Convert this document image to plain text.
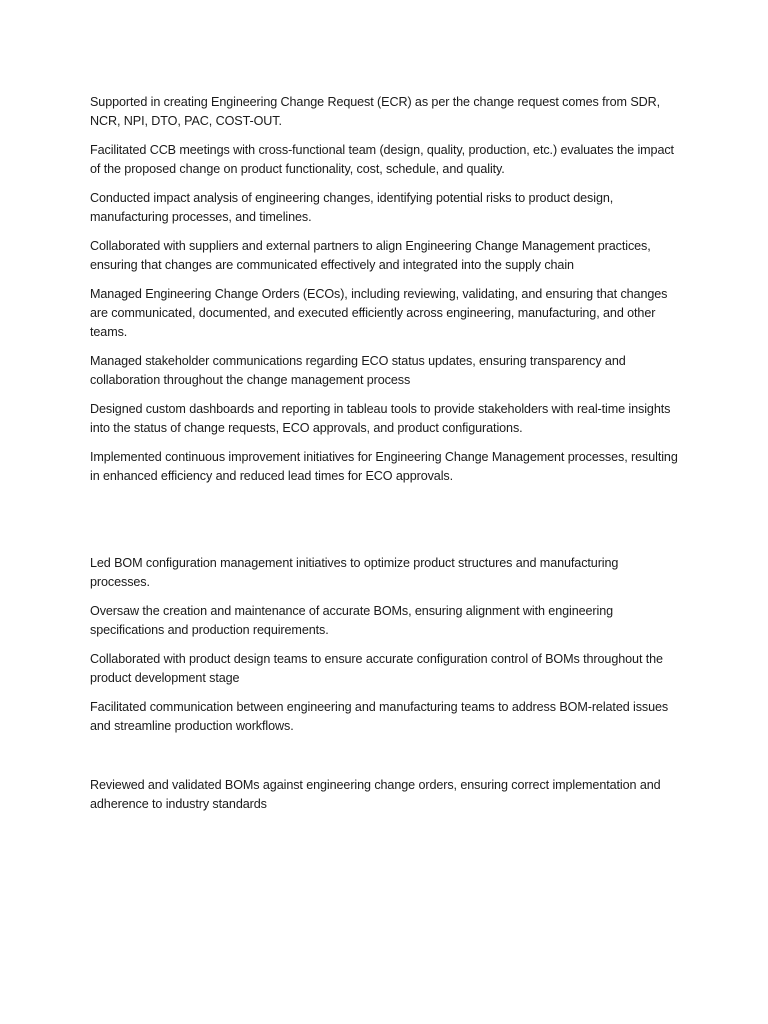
Supported in creating Engineering Change Request (ECR) as per the change request comes from SDR, NCR, NPI, DTO, PAC, COST-OUT.

Facilitated CCB meetings with cross-functional team (design, quality, production, etc.) evaluates the impact of the proposed change on product functionality, cost, schedule, and quality.

Conducted impact analysis of engineering changes, identifying potential risks to product design, manufacturing processes, and timelines.

Collaborated with suppliers and external partners to align Engineering Change Management practices, ensuring that changes are communicated effectively and integrated into the supply chain

Managed Engineering Change Orders (ECOs), including reviewing, validating, and ensuring that changes are communicated, documented, and executed efficiently across engineering, manufacturing, and other teams.

Managed stakeholder communications regarding ECO status updates, ensuring transparency and collaboration throughout the change management process

Designed custom dashboards and reporting in tableau tools to provide stakeholders with real-time insights into the status of change requests, ECO approvals, and product configurations.

Implemented continuous improvement initiatives for Engineering Change Management processes, resulting in enhanced efficiency and reduced lead times for ECO approvals.

Led BOM configuration management initiatives to optimize product structures and manufacturing processes.

Oversaw the creation and maintenance of accurate BOMs, ensuring alignment with engineering specifications and production requirements.

Collaborated with product design teams to ensure accurate configuration control of BOMs throughout the product development stage

Facilitated communication between engineering and manufacturing teams to address BOM-related issues and streamline production workflows.

Reviewed and validated BOMs against engineering change orders, ensuring correct implementation and adherence to industry standards
